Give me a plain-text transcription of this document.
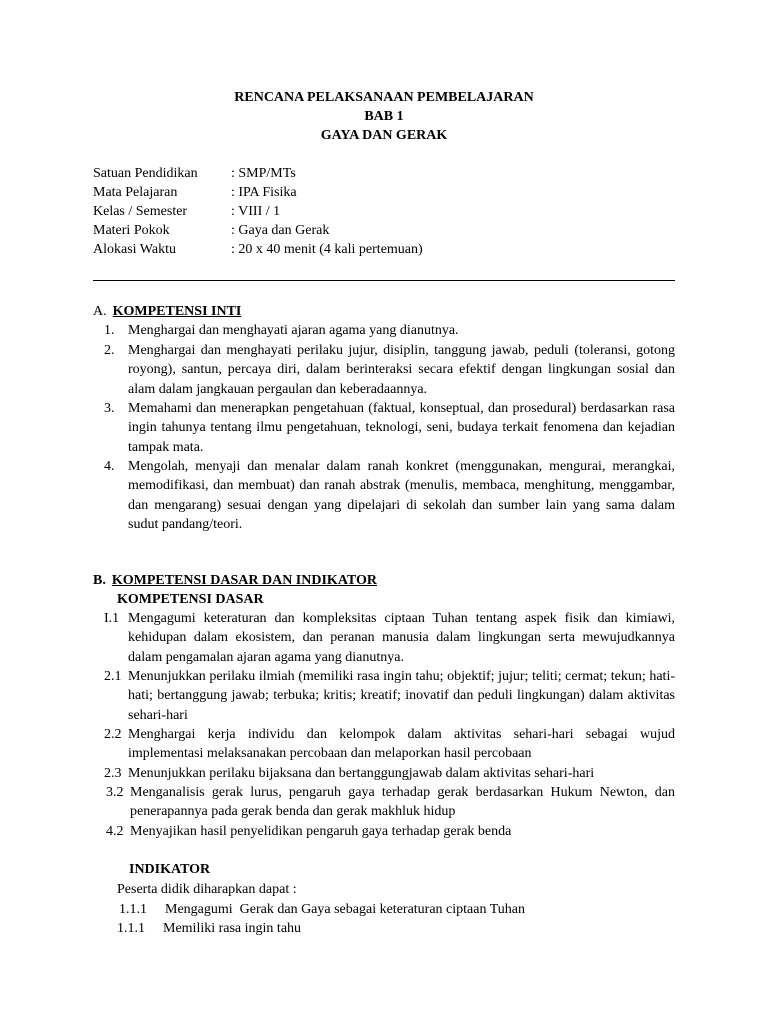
RENCANA PELAKSANAAN PEMBELAJARAN
BAB 1
GAYA DAN GERAK
Satuan Pendidikan : SMP/MTs
Mata Pelajaran	: IPA Fisika
Kelas / Semester	: VIII / 1
Materi Pokok	: Gaya dan Gerak
Alokasi Waktu	: 20 x 40 menit (4 kali pertemuan)
A. KOMPETENSI INTI
1. Menghargai dan menghayati ajaran agama yang dianutnya.
2. Menghargai dan menghayati perilaku jujur, disiplin, tanggung jawab, peduli (toleransi, gotong royong), santun, percaya diri, dalam berinteraksi secara efektif dengan lingkungan sosial dan alam dalam jangkauan pergaulan dan keberadaannya.
3. Memahami dan menerapkan pengetahuan (faktual, konseptual, dan prosedural) berdasarkan rasa ingin tahunya tentang ilmu pengetahuan, teknologi, seni, budaya terkait fenomena dan kejadian tampak mata.
4. Mengolah, menyaji dan menalar dalam ranah konkret (menggunakan, mengurai, merangkai, memodifikasi, dan membuat) dan ranah abstrak (menulis, membaca, menghitung, menggambar, dan mengarang) sesuai dengan yang dipelajari di sekolah dan sumber lain yang sama dalam sudut pandang/teori.
B. KOMPETENSI DASAR DAN INDIKATOR
KOMPETENSI DASAR
I.1 Mengagumi keteraturan dan kompleksitas ciptaan Tuhan tentang aspek fisik dan kimiawi, kehidupan dalam ekosistem, dan peranan manusia dalam lingkungan serta mewujudkannya dalam pengamalan ajaran agama yang dianutnya.
2.1 Menunjukkan perilaku ilmiah (memiliki rasa ingin tahu; objektif; jujur; teliti; cermat; tekun; hati-hati; bertanggung jawab; terbuka; kritis; kreatif; inovatif dan peduli lingkungan) dalam aktivitas sehari-hari
2.2 Menghargai kerja individu dan kelompok dalam aktivitas sehari-hari sebagai wujud implementasi melaksanakan percobaan dan melaporkan hasil percobaan
2.3 Menunjukkan perilaku bijaksana dan bertanggungjawab dalam aktivitas sehari-hari
3.2 Menganalisis gerak lurus, pengaruh gaya terhadap gerak berdasarkan Hukum Newton, dan penerapannya pada gerak benda dan gerak makhluk hidup
4.2 Menyajikan hasil penyelidikan pengaruh gaya terhadap gerak benda
INDIKATOR
Peserta didik diharapkan dapat :
1.1.1 Mengagumi  Gerak dan Gaya sebagai keteraturan ciptaan Tuhan
1.1.1 Memiliki rasa ingin tahu
